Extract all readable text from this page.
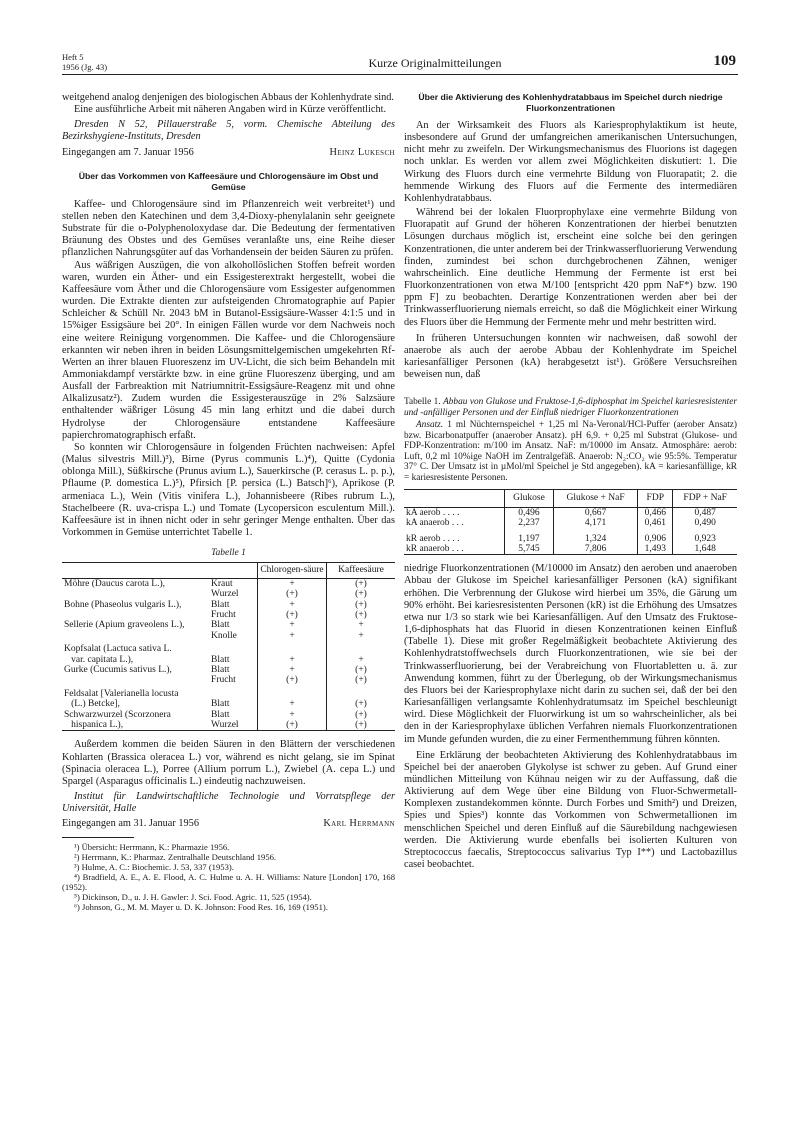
Heft 5
1956 (Jg. 43)	Kurze Originalmitteilungen	109

weitgehend analog denjenigen des biologischen Abbaus der Kohlenhydrate sind.

Eine ausführliche Arbeit mit näheren Angaben wird in Kürze veröffentlicht.

Dresden N 52, Pillauerstraße 5, vorm. Chemische Abteilung des Bezirkshygiene-Instituts, Dresden

Eingegangen am 7. Januar 1956	Heinz Lukesch

Über das Vorkommen von Kaffeesäure und Chlorogensäure im Obst und Gemüse

Kaffee- und Chlorogensäure sind im Pflanzenreich weit verbreitet¹) und stellen neben den Katechinen und dem 3,4-Dioxy-phenylalanin sehr geeignete Substrate für die o-Polyphenoloxydase dar. Die Bedeutung der fermentativen Bräunung des Obstes und des Gemüses veranlaßte uns, eine Reihe dieser pflanzlichen Nahrungsgüter auf das Vorhandensein der beiden Säuren zu prüfen.

Aus wäßrigen Auszügen, die von alkohollöslichen Stoffen befreit worden waren, wurden ein Äther- und ein Essigesterextrakt hergestellt, wobei die Kaffeesäure vom Äther und die Chlorogensäure vom Essigester aufgenommen wurden. Die Extrakte dienten zur aufsteigenden Chromatographie auf Papier Schleicher & Schüll Nr. 2043 bM in Butanol-Essigsäure-Wasser 4:1:5 und in 15%iger Essigsäure bei 20°. In einigen Fällen wurde vor dem Nachweis noch eine weitere Reinigung vorgenommen. Die Kaffee- und die Chlorogensäure erkannten wir neben ihren in beiden Lösungsmittelgemischen umgekehrten Rf-Werten an ihrer blauen Fluoreszenz im UV-Licht, die sich beim Behandeln mit Ammoniakdampf verstärkte bzw. in eine grüne Fluoreszenz überging, und am Ausfall der Farbreaktion mit Natriumnitrit-Essigsäure-Reagenz mit und ohne Alkalizusatz²). Zudem wurden die Essigesterauszüge in 2% Salzsäure enthaltender wäßriger Lösung 45 min lang erhitzt und die dabei durch Hydrolyse der Chlorogensäure entstandene Kaffeesäure papierchromatographisch erfaßt.

So konnten wir Chlorogensäure in folgenden Früchten nachweisen: Apfel (Malus silvestris Mill.)³), Birne (Pyrus communis L.)⁴), Quitte (Cydonia oblonga Mill.), Süßkirsche (Prunus avium L.), Sauerkirsche (P. cerasus L. p. p.), Pflaume (P. domestica L.)⁵), Pfirsich [P. persica (L.) Batsch]⁶), Aprikose (P. armeniaca L.), Wein (Vitis vinifera L.), Johannisbeere (Ribes rubrum L.), Stachelbeere (R. uva-crispa L.) und Tomate (Lycopersicon esculentum Mill.). Kaffeesäure ist in ihnen nicht oder in sehr geringer Menge enthalten. Über das Vorkommen in Gemüse unterrichtet Tabelle 1.

Tabelle 1

		Chlorogen-säure	Kaffeesäure
Möhre (Daucus carota L.),	Kraut	+	(+)
	Wurzel	(+)	(+)
Bohne (Phaseolus vulgaris L.),	Blatt	+	(+)
	Frucht	(+)	(+)
Sellerie (Apium graveolens L.),	Blatt	+	+
	Knolle	+	+
Kopfsalat (Lactuca sativa L.			
var. capitata L.),	Blatt	+	+
Gurke (Cucumis sativus L.),	Blatt	+	(+)
	Frucht	(+)	(+)
Feldsalat [Valerianella locusta			
(L.) Betcke],	Blatt	+	(+)
Schwarzwurzel (Scorzonera	Blatt	+	(+)
hispanica L.),	Wurzel	(+)	(+)

Außerdem kommen die beiden Säuren in den Blättern der verschiedenen Kohlarten (Brassica oleracea L.) vor, während es nicht gelang, sie im Spinat (Spinacia oleracea L.), Porree (Allium porrum L.), Zwiebel (A. cepa L.) und Spargel (Asparagus officinalis L.) eindeutig nachzuweisen.

Institut für Landwirtschaftliche Technologie und Vorratspflege der Universität, Halle

Eingegangen am 31. Januar 1956	Karl Herrmann
¹) Übersicht: Herrmann, K.: Pharmazie 1956.
²) Herrmann, K.: Pharmaz. Zentralhalle Deutschland 1956.
³) Hulme, A. C.: Biochemic. J. 53, 337 (1953).
⁴) Bradfield, A. E., A. E. Flood, A. C. Hulme u. A. H. Williams: Nature [London] 170, 168 (1952).
⁵) Dickinson, D., u. J. H. Gawler: J. Sci. Food. Agric. 11, 525 (1954).
⁶) Johnson, G., M. M. Mayer u. D. K. Johnson: Food Res. 16, 169 (1951).

Über die Aktivierung des Kohlenhydratabbaus im Speichel durch niedrige Fluorkonzentrationen

An der Wirksamkeit des Fluors als Kariesprophylaktikum ist heute, insbesondere auf Grund der umfangreichen amerikanischen Untersuchungen, nicht mehr zu zweifeln. Der Wirkungsmechanismus des Fluorions ist dagegen noch unklar. Es werden vor allem zwei Möglichkeiten diskutiert: 1. Die Wirkung des Fluors durch eine vermehrte Bildung von Fluorapatit; 2. die hemmende Wirkung des Fluors auf die Fermente des intermediären Kohlenhydratabbaus.

Während bei der lokalen Fluorprophylaxe eine vermehrte Bildung von Fluorapatit auf Grund der höheren Konzentrationen der hierbei benutzten Lösungen durchaus möglich ist, erscheint eine solche bei den geringen Konzentrationen, die unter anderem bei der Trinkwasserfluorierung Verwendung finden, zumindest bei schon durchgebrochenen Zähnen, weniger wahrscheinlich. Eine deutliche Hemmung der Fermente ist erst bei Fluorkonzentrationen von etwa M/100 [entspricht 420 ppm NaF*) bzw. 190 ppm F] zu beobachten. Derartige Konzentrationen werden aber bei der Trinkwasserfluorierung niemals erreicht, so daß die Möglichkeit einer Wirkung des Fluors über die Hemmung der Fermente mehr und mehr bestritten wird.

In früheren Untersuchungen konnten wir nachweisen, daß sowohl der anaerobe als auch der aerobe Abbau der Kohlenhydrate im Speichel kariesanfälliger Personen (kA) herabgesetzt ist¹). Größere Versuchsreihen beweisen nun, daß

Tabelle 1. Abbau von Glukose und Fruktose-1,6-diphosphat im Speichel kariesresistenter und -anfälliger Personen und der Einfluß niedriger Fluorkonzentrationen

Ansatz. 1 ml Nüchternspeichel + 1,25 ml Na-Veronal/HCl-Puffer (aerober Ansatz) bzw. Bicarbonatpuffer (anaerober Ansatz). pH 6,9. + 0,25 ml Substrat (Glukose- und FDP-Konzentration: m/100 im Ansatz. NaF: m/10000 im Ansatz. Atmosphäre: aerob: Luft, 0,2 ml 10%ige NaOH im Zentralgefäß. Anaerob: N₂:CO₂ wie 95:5%. Temperatur 37° C. Der Umsatz ist in µMol/ml Speichel je Std angegeben). kA = kariesanfällige, kR = kariesresistente Personen.

	Glukose	Glukose + NaF	FDP	FDP + NaF
kA aerob . . . .	0,496	0,667	0,466	0,487
kA anaerob . . .	2,237	4,171	0,461	0,490
kR aerob . . . .	1,197	1,324	0,906	0,923
kR anaerob . . .	5,745	7,806	1,493	1,648

niedrige Fluorkonzentrationen (M/10000 im Ansatz) den aeroben und anaeroben Abbau der Glukose im Speichel kariesanfälliger Personen (kA) signifikant erhöhen. Die Verbrennung der Glukose wird hierbei um 35%, die Gärung um 90% erhöht. Bei kariesresistenten Personen (kR) ist die Erhöhung des Umsatzes etwa nur 1/3 so stark wie bei Kariesanfälligen. Auf den Umsatz des Fruktose-1,6-diphosphats hat das Fluorid in diesen Konzentrationen keinen Einfluß (Tabelle 1). Diese mit großer Regelmäßigkeit beobachtete Aktivierung des Kohlenhydratstoffwechsels durch Fluorkonzentrationen, wie sie bei der Trinkwasserfluorierung, bei der Verabreichung von Fluortabletten u. ä. zur Anwendung kommen, führt zu der Überlegung, ob der Wirkungsmechanismus des Fluors bei der Kariesprophylaxe nicht darin zu suchen sei, daß der bei den Kariesanfälligen verlangsamte Kohlenhydratumsatz im Speichel beschleunigt wird. Diese Möglichkeit der Fluorwirkung ist um so wahrscheinlicher, als bei den in der Kariesprophylaxe üblichen Verfahren niemals Fluorkonzentrationen im Munde gefunden wurden, die zu einer Fermenthemmung führen könnten.

Eine Erklärung der beobachteten Aktivierung des Kohlenhydratabbaus im Speichel bei der anaeroben Glykolyse ist schwer zu geben. Auf Grund einer mündlichen Mitteilung von Kühnau neigen wir zu der Auffassung, daß die Aktivierung auf dem Wege über eine Bildung von Fluor-Schwermetall-Komplexen zustandekommen könnte. Durch Forbes und Smith²) und Dreizen, Spies und Spies³) konnte das Vorkommen von Schwermetallionen im menschlichen Speichel und deren Einfluß auf die Säurebildung nachgewiesen werden. Die Aktivierung wurde ebenfalls bei isolierten Kulturen von Streptococcus faecalis, Streptococcus salivarius Typ I**) und Lactobazillus casei beobachtet.
